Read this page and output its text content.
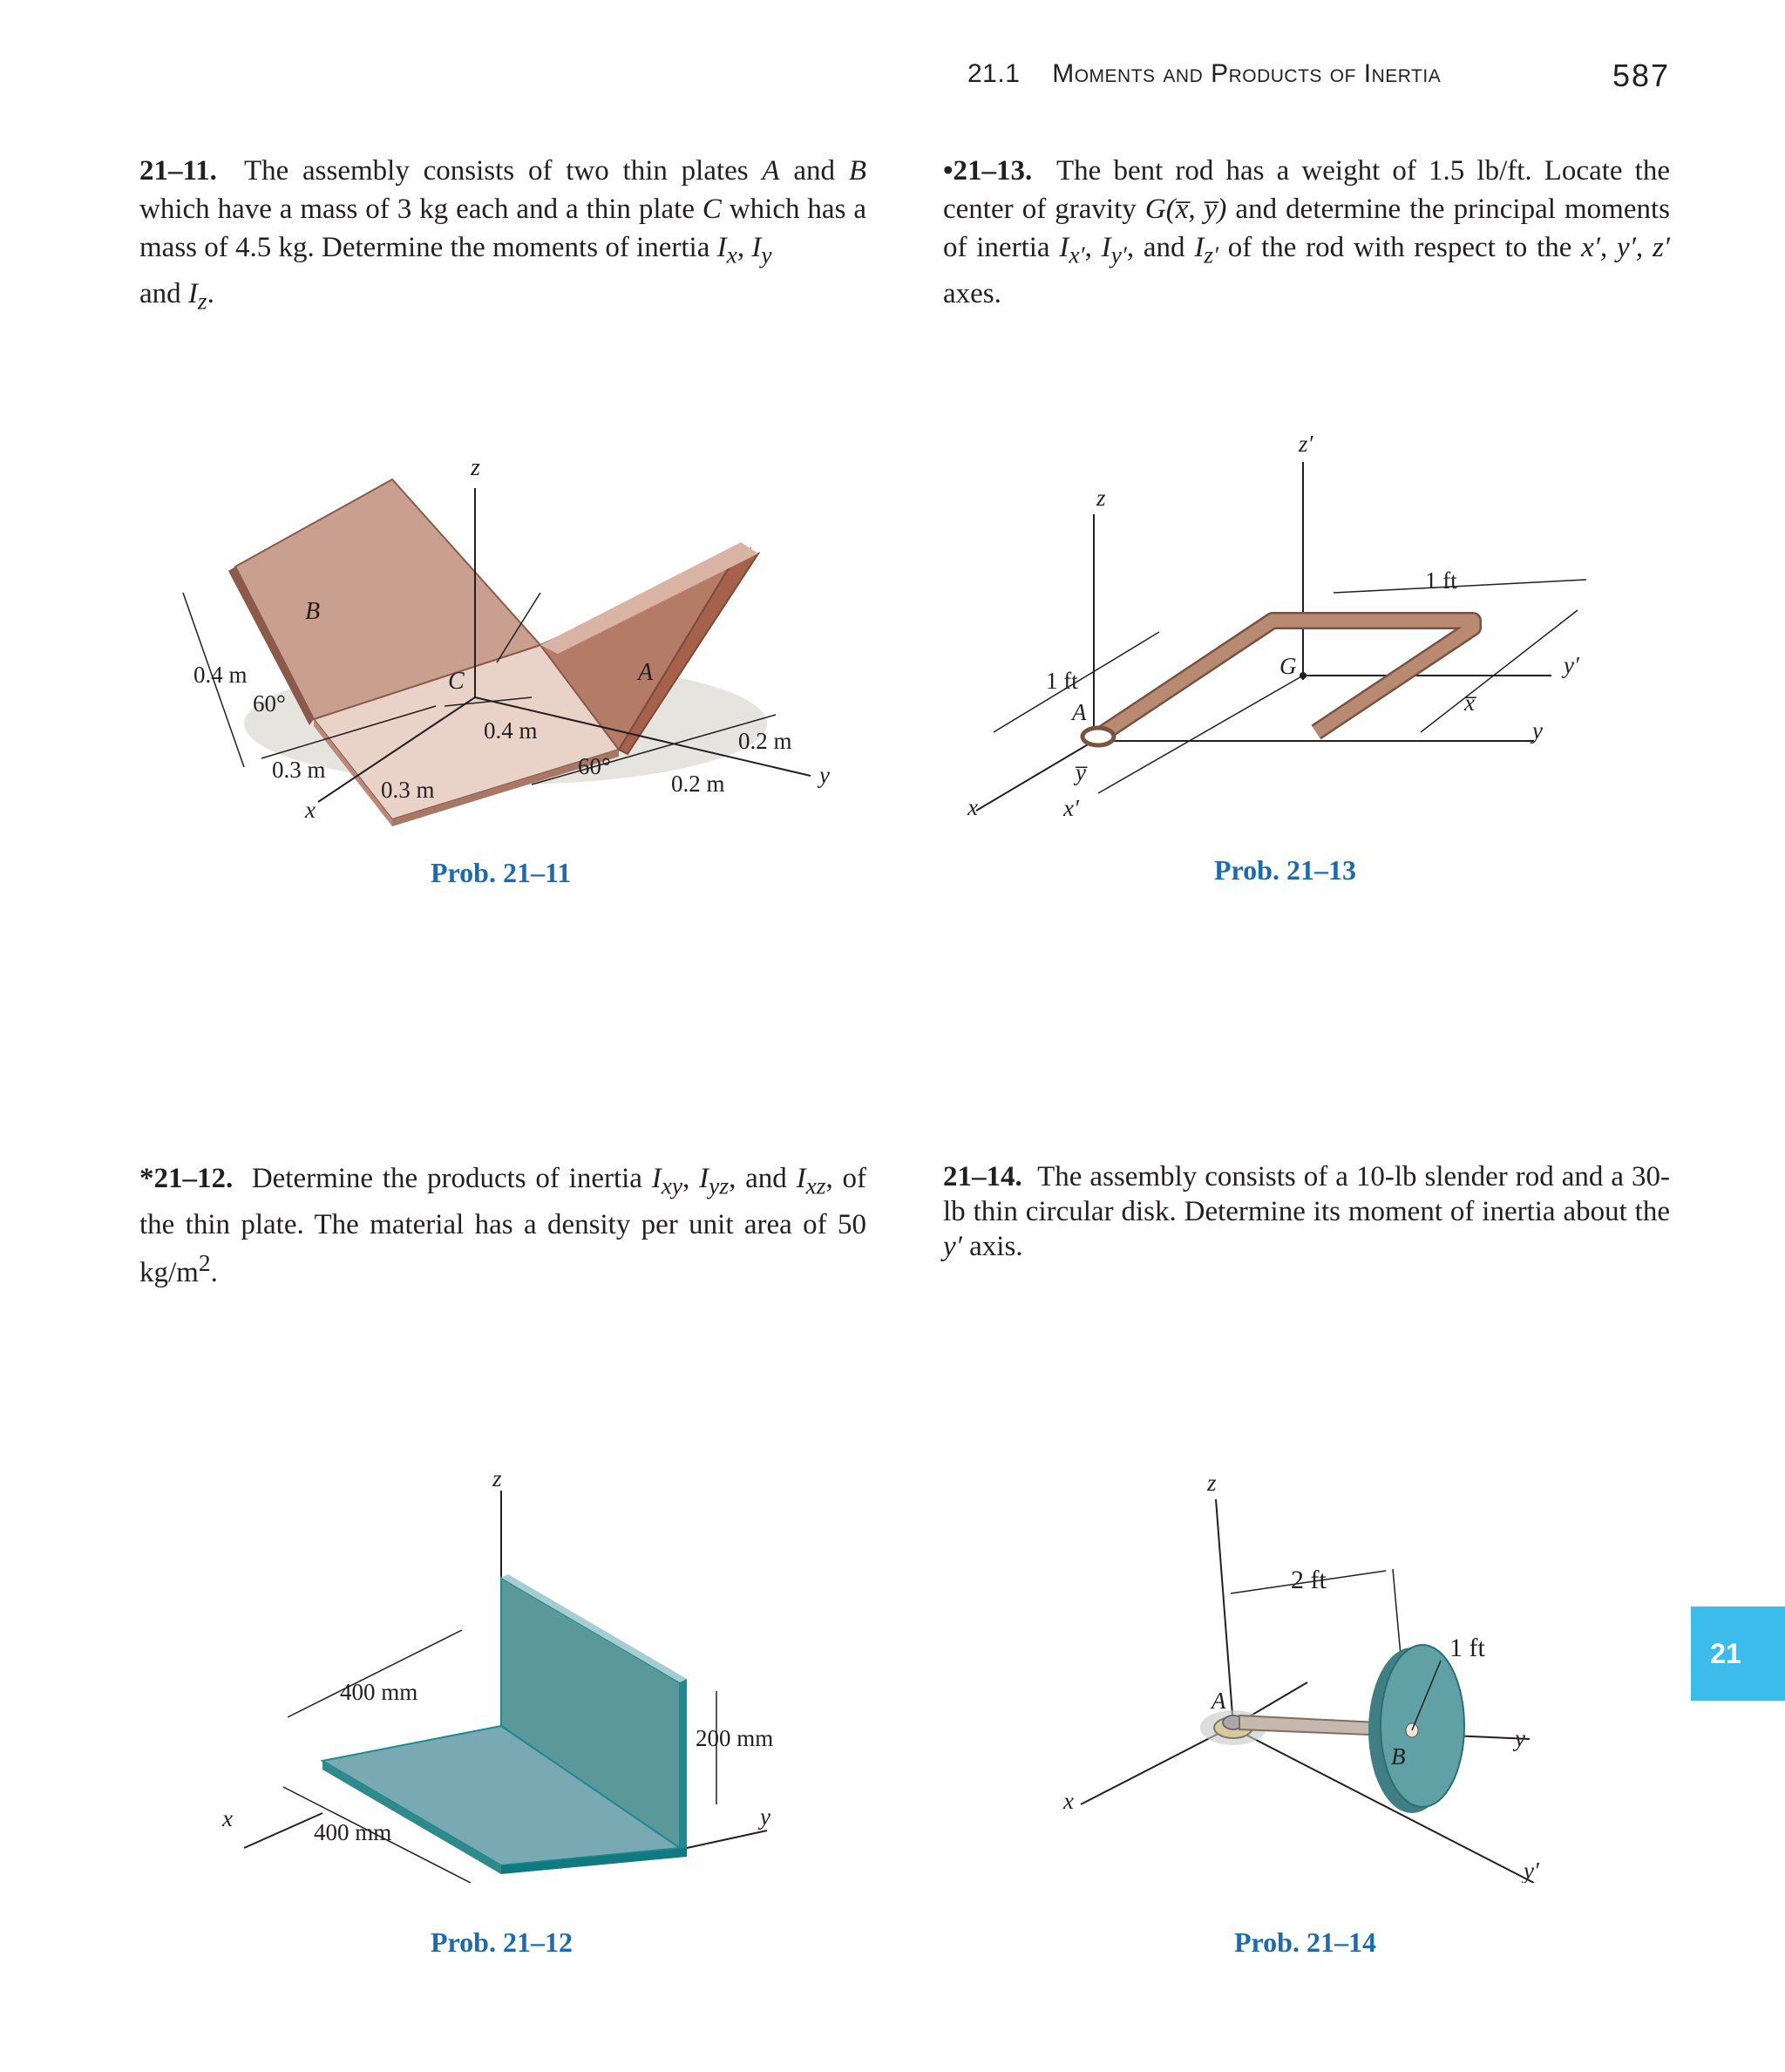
21.1 Moments and Products of Inertia	587
21
21–11. The assembly consists of two thin plates A and B which have a mass of 3 kg each and a thin plate C which has a mass of 4.5 kg. Determine the moments of inertia $I_x$, $I_y$
and $I_z$.
•21–13. The bent rod has a weight of 1.5 lb/ft. Locate the center of gravity G(x̅, y̅) and determine the principal moments of inertia $I_{x'}$, $I_{y'}$, and $I_{z'}$ of the rod with respect to the x′, y′, z′ axes.
*21–12. Determine the products of inertia $I_{xy}$, $I_{yz}$, and $I_{xz}$, of the thin plate. The material has a density per unit area of 50 $kg/m^2$.
21–14. The assembly consists of a 10-lb slender rod and a 30-lb thin circular disk. Determine its moment of inertia about the y′ axis.
z
B
C	A
0.4 m
60°
0.4 m
60°
0.2 m
0.2 m
0.3 m
0.3 m
x
y
Prob. 21–11
z′
z
1 ft
G	y′
x̅
1 ft
A
y̅
y
x	x′
Prob. 21–13
z
400 mm
200 mm
x
400 mm
y
Prob. 21–12
z
2 ft
1 ft
A
B
y
x
y′
Prob. 21–14
